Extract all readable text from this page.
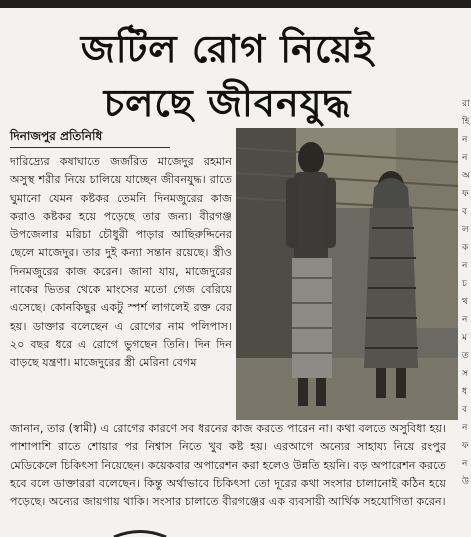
জটিল রোগ নিয়েই
চলছে জীবনযুদ্ধ
দিনাজপুর প্রতিনিধি
দারিদ্র্যের কষাঘাতে জর্জরিত মাজেদুর রহমান অসুস্থ শরীর নিয়ে চালিয়ে যাচ্ছেন জীবনযুদ্ধ। রাতে ঘুমানো যেমন কষ্টকর তেমনি দিনমজুরের কাজ করাও কষ্টকর হয়ে পড়েছে তার জন্য। বীরগঞ্জ উপজেলার মরিচা চৌধুরী পাড়ার আছিরুদ্দিনের ছেলে মাজেদুর। তার দুই কন্যা সন্তান রয়েছে। স্ত্রীও দিনমজুরের কাজ করেন। জানা যায়, মাজেদুরের নাকের ভিতর থেকে মাংসের মতো গেজ বেরিয়ে এসেছে। কোনকিছুর একটু স্পর্শ লাগলেই রক্ত বের হয়। ডাক্তার বলেছেন এ রোগের নাম পলিপাস। ২০ বছর ধরে এ রোগে ভুগছেন তিনি। দিন দিন বাড়ছে যন্ত্রণা। মাজেদুরের স্ত্রী মেরিনা বেগম
জানান, তার (স্বামী) এ রোগের কারণে সব ধরনের কাজ করতে পারেন না। কথা বলতে অসুবিধা হয়। পাশাপাশি রাতে শোয়ার পর নিশ্বাস নিতে খুব কষ্ট হয়। এরআগে অন্যের সাহায্য নিয়ে রংপুর মেডিকেলে চিকিৎসা নিয়েছেন। কয়েকবার অপারেশন করা হলেও উন্নতি হয়নি। বড় অপারেশন করতে হবে বলে ডাক্তাররা বলেছেন। কিন্তু অর্থাভাবে চিকিৎসা তো দূরের কথা সংসার চালানোই কঠিন হয়ে পড়েছে। অন্যের জায়গায় থাকি। সংসার চালাতে বীরগঞ্জের এক ব্যবসায়ী আর্থিক সহযোগিতা করেন।
রা
হি
ন
ন
অ
ফ
ব
ল
ক
ন
চ
থ
ন
ম
ত
স
ধ
ব
ন
ফ
ন
উ
